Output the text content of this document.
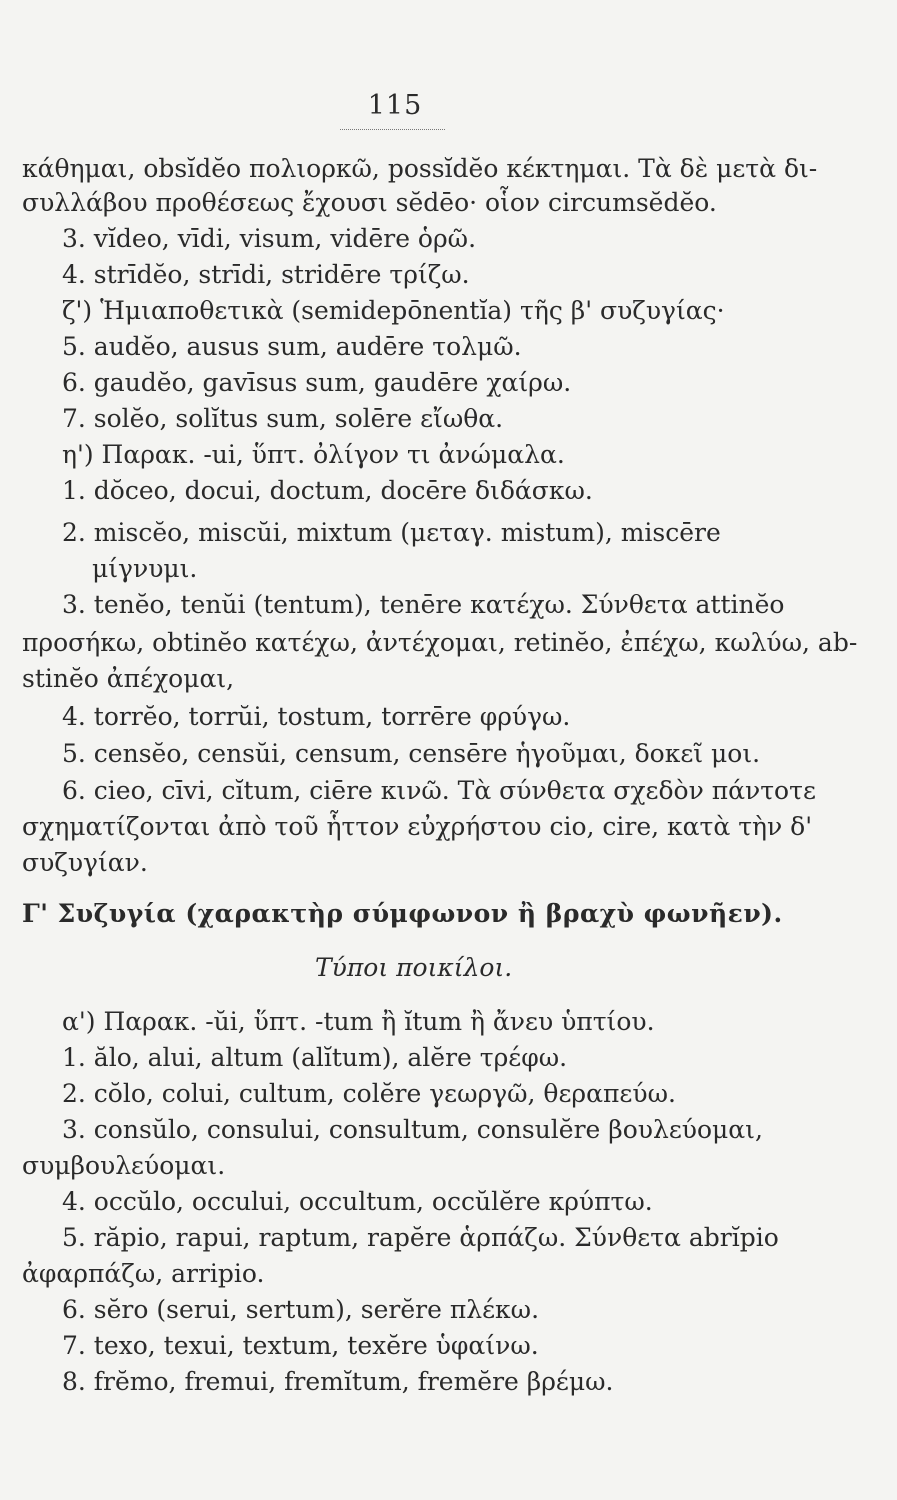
115
κάθημαι, obsĭdĕo πολιορκῶ, possĭdĕo κέκτημαι. Τὰ δὲ μετὰ δι-
συλλάβου προθέσεως ἔχουσι sĕdēo· οἷον circumsĕdĕo.
3. vĭdeo, vīdi, visum, vidēre ὁρῶ.
4. strīdĕo, strīdi, stridēre τρίζω.
ζ') Ἡμιαποθετικὰ (semidepōnentĭa) τῆς β' συζυγίας·
5. audĕo, ausus sum, audēre τολμῶ.
6. gaudĕo, gavīsus sum, gaudēre χαίρω.
7. solĕo, solĭtus sum, solēre εἴωθα.
η') Παρακ. -ui, ὕπτ. ὀλίγον τι ἀνώμαλα.
1. dŏceo, docui, doctum, docēre διδάσκω.
2. miscĕo, miscŭi, mixtum (μεταγ. mistum), miscēre
μίγνυμι.
3. tenĕo, tenŭi (tentum), tenēre κατέχω. Σύνθετα attinĕo
προσήκω, obtinĕo κατέχω, ἀντέχομαι, retinĕo, ἐπέχω, κωλύω, ab-
stinĕo ἀπέχομαι,
4. torrĕo, torrŭi, tostum, torrēre φρύγω.
5. censĕo, censŭi, censum, censēre ἡγοῦμαι, δοκεῖ μοι.
6. cieo, cīvi, cĭtum, ciēre κινῶ. Τὰ σύνθετα σχεδὸν πάντοτε
σχηματίζονται ἀπὸ τοῦ ἧττον εὐχρήστου cio, cire, κατὰ τὴν δ'
συζυγίαν.
Γ' Συζυγία (χαρακτὴρ σύμφωνον ἢ βραχὺ φωνῆεν).
Τύποι ποικίλοι.
α') Παρακ. -ŭi, ὕπτ. -tum ἢ ĭtum ἢ ἄνευ ὑπτίου.
1. ălo, alui, altum (alĭtum), alĕre τρέφω.
2. cŏlo, colui, cultum, colĕre γεωργῶ, θεραπεύω.
3. consŭlo, consului, consultum, consulĕre βουλεύομαι,
συμβουλεύομαι.
4. occŭlo, occului, occultum, occŭlĕre κρύπτω.
5. răpio, rapui, raptum, rapĕre ἁρπάζω. Σύνθετα abrĭpio
ἀφαρπάζω, arripio.
6. sĕro (serui, sertum), serĕre πλέκω.
7. texo, texui, textum, texĕre ὑφαίνω.
8. frĕmo, fremui, fremĭtum, fremĕre βρέμω.
